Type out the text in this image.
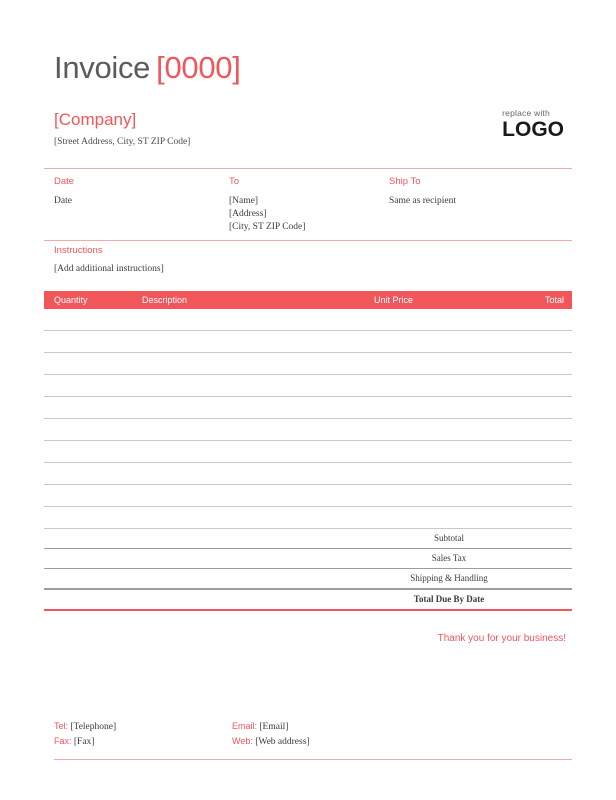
Invoice [0000]
[Company]
[Street Address, City, ST ZIP Code]
replace with
LOGO
Date
Date
To
[Name]
[Address]
[City, ST ZIP Code]
Ship To
Same as recipient
Instructions
[Add additional instructions]
Quantity	Description	Unit Price	Total
Subtotal
Sales Tax
Shipping & Handling
Total Due By Date
Thank you for your business!
Tel: [Telephone]
Fax: [Fax]
Email: [Email]
Web: [Web address]
